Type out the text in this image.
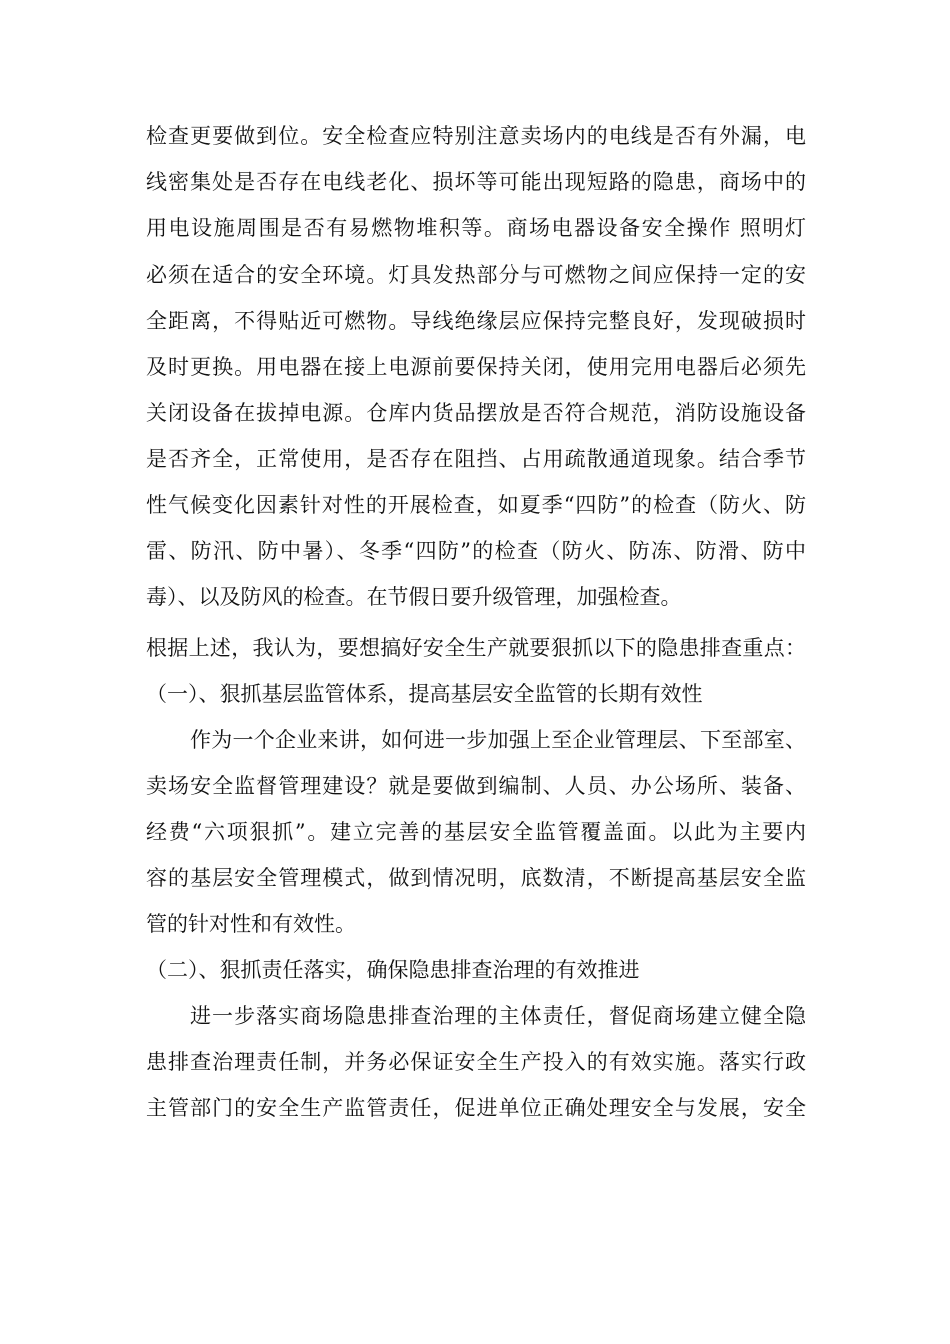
检查更要做到位。安全检查应特别注意卖场内的电线是否有外漏，电
线密集处是否存在电线老化、损坏等可能出现短路的隐患，商场中的
用电设施周围是否有易燃物堆积等。商场电器设备安全操作 照明灯
必须在适合的安全环境。灯具发热部分与可燃物之间应保持一定的安
全距离，不得贴近可燃物。导线绝缘层应保持完整良好，发现破损时
及时更换。用电器在接上电源前要保持关闭，使用完用电器后必须先
关闭设备在拔掉电源。仓库内货品摆放是否符合规范，消防设施设备
是否齐全，正常使用，是否存在阻挡、占用疏散通道现象。结合季节
性气候变化因素针对性的开展检查，如夏季“四防”的检查（防火、防
雷、防汛、防中暑）、冬季“四防”的检查（防火、防冻、防滑、防中
毒）、以及防风的检查。在节假日要升级管理，加强检查。
根据上述，我认为，要想搞好安全生产就要狠抓以下的隐患排查重点：
（一）、狠抓基层监管体系，提高基层安全监管的长期有效性
作为一个企业来讲，如何进一步加强上至企业管理层、下至部室、
卖场安全监督管理建设？就是要做到编制、人员、办公场所、装备、
经费“六项狠抓”。建立完善的基层安全监管覆盖面。以此为主要内
容的基层安全管理模式，做到情况明，底数清，不断提高基层安全监
管的针对性和有效性。
（二）、狠抓责任落实，确保隐患排查治理的有效推进
进一步落实商场隐患排查治理的主体责任，督促商场建立健全隐
患排查治理责任制，并务必保证安全生产投入的有效实施。落实行政
主管部门的安全生产监管责任，促进单位正确处理安全与发展，安全
